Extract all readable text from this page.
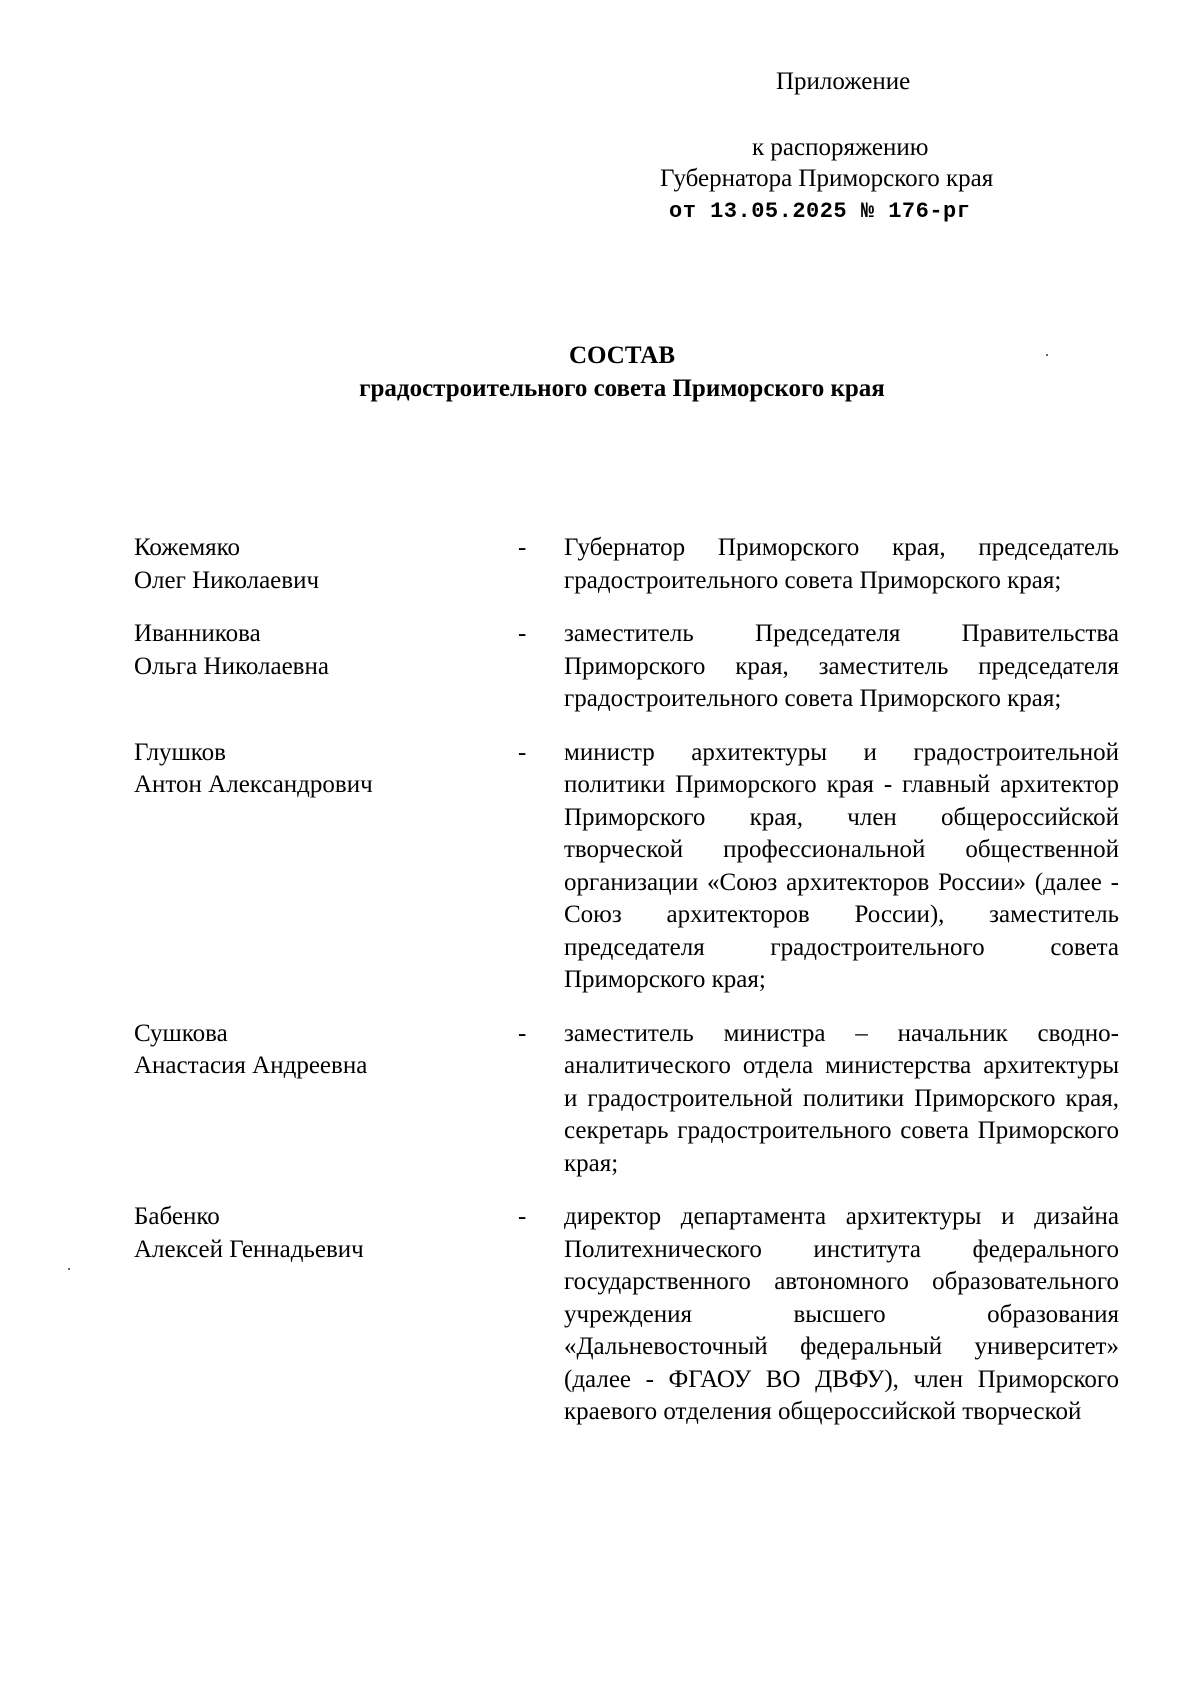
Приложение
к распоряжению
Губернатора Приморского края
от 13.05.2025 № 176-рг
СОСТАВ
градостроительного совета Приморского края
Кожемяко
Олег Николаевич
-	Губернатор Приморского края, председатель градостроительного совета Приморского края;
Иванникова
Ольга Николаевна
-	заместитель Председателя Правительства Приморского края, заместитель председателя градостроительного совета Приморского края;
Глушков
Антон Александрович
-	министр архитектуры и градостроительной политики Приморского края - главный архитектор Приморского края, член общероссийской творческой профессиональной общественной организации «Союз архитекторов России» (далее - Союз архитекторов России), заместитель председателя градостроительного совета Приморского края;
Сушкова
Анастасия Андреевна
-	заместитель министра – начальник сводно-аналитического отдела министерства архитектуры и градостроительной политики Приморского края, секретарь градостроительного совета Приморского края;
Бабенко
Алексей Геннадьевич
-	директор департамента архитектуры и дизайна Политехнического института федерального государственного автономного образовательного учреждения высшего образования «Дальневосточный федеральный университет» (далее - ФГАОУ ВО ДВФУ), член Приморского краевого отделения общероссийской творческой
